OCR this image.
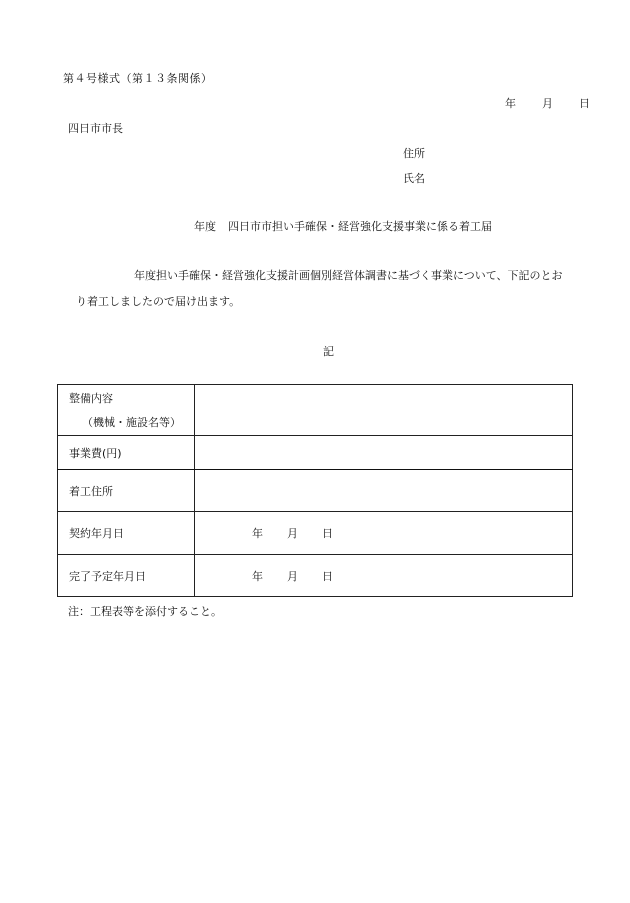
第４号様式（第１３条関係）
年 月 日
四日市市長
住所
氏名
年度 四日市市担い手確保・経営強化支援事業に係る着工届
年度担い手確保・経営強化支援計画個別経営体調書に基づく事業について、下記のとお
り着工しましたので届け出ます。
記
整備内容
（機械・施設名等）	

事業費(円)	
着工住所	
契約年月日	年 月 日

完了予定年月日	年 月 日
注：工程表等を添付すること。
